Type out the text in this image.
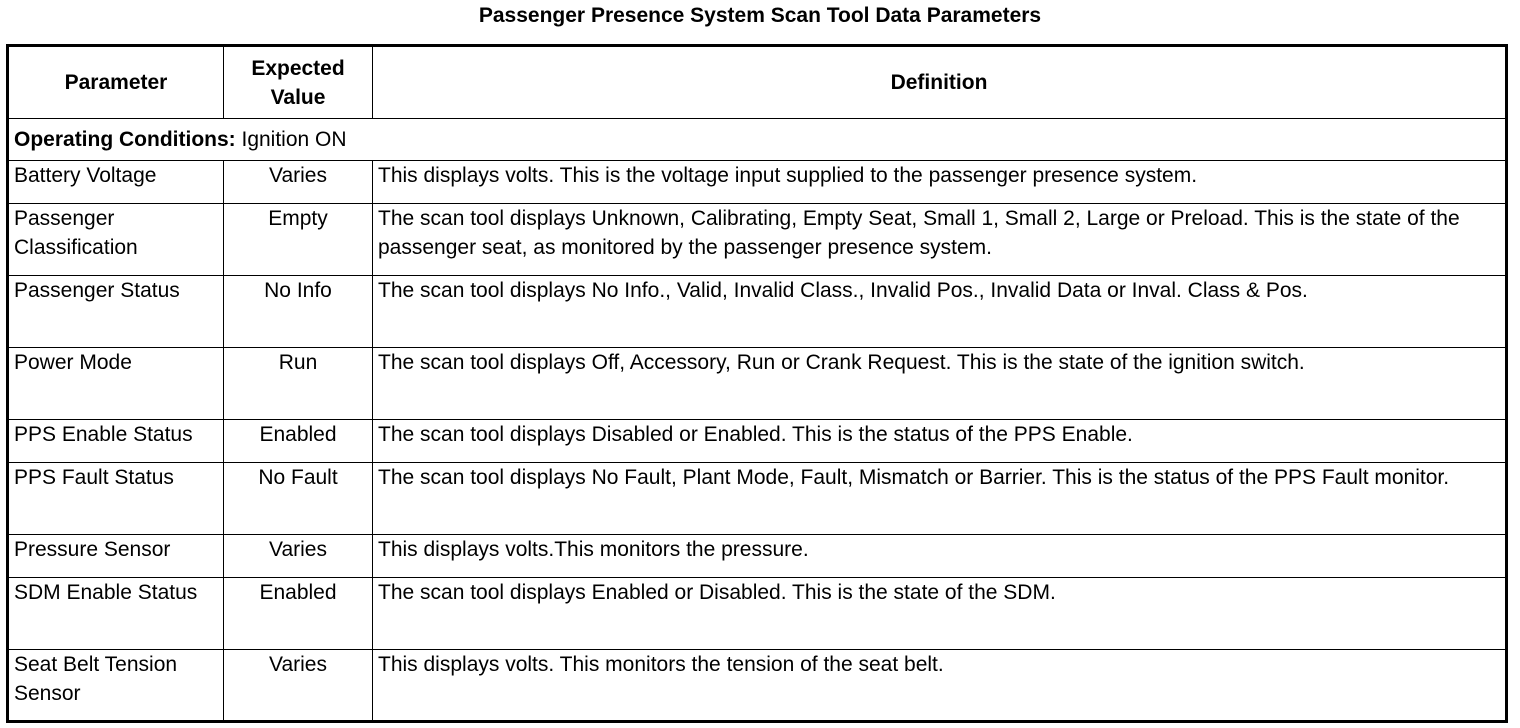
Passenger Presence System Scan Tool Data Parameters
Parameter	Expected Value	Definition
Operating Conditions: Ignition ON		
Battery Voltage	Varies	This displays volts. This is the voltage input supplied to the passenger presence system.
Passenger Classification	Empty	The scan tool displays Unknown, Calibrating, Empty Seat, Small 1, Small 2, Large or Preload. This is the state of the passenger seat, as monitored by the passenger presence system.
Passenger Status	No Info	The scan tool displays No Info., Valid, Invalid Class., Invalid Pos., Invalid Data or Inval. Class & Pos.
Power Mode	Run	The scan tool displays Off, Accessory, Run or Crank Request. This is the state of the ignition switch.
PPS Enable Status	Enabled	The scan tool displays Disabled or Enabled. This is the status of the PPS Enable.
PPS Fault Status	No Fault	The scan tool displays No Fault, Plant Mode, Fault, Mismatch or Barrier. This is the status of the PPS Fault monitor.
Pressure Sensor	Varies	This displays volts.This monitors the pressure.
SDM Enable Status	Enabled	The scan tool displays Enabled or Disabled. This is the state of the SDM.
Seat Belt Tension Sensor	Varies	This displays volts. This monitors the tension of the seat belt.
